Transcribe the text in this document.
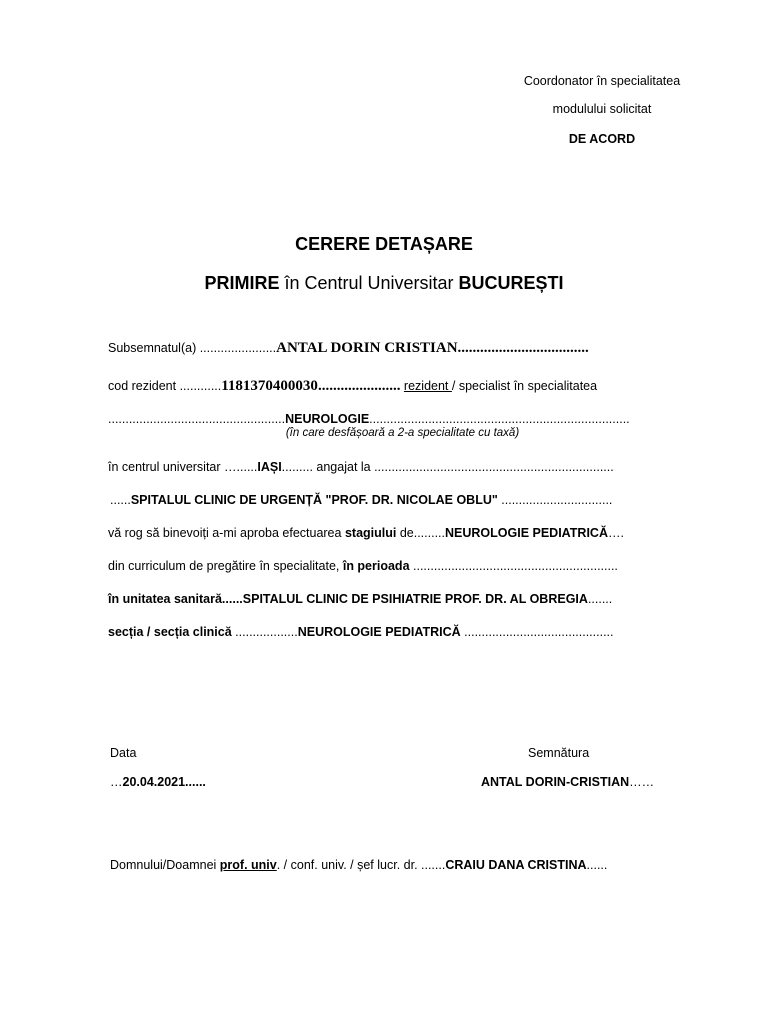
Coordonator în specialitatea
modulului solicitat
DE ACORD
CERERE DETAȘARE
PRIMIRE în Centrul Universitar BUCUREȘTI
Subsemnatul(a) ......................ANTAL DORIN CRISTIAN...................................
cod rezident ............1181370400030...................... rezident / specialist în specialitatea
...................................................NEUROLOGIE...........................................................................
(în care desfășoară a 2-a specialitate cu taxă)
în centrul universitar …......IAȘI......... angajat la .....................................................................
......SPITALUL CLINIC DE URGENȚĂ "PROF. DR. NICOLAE OBLU" ................................
vă rog să binevoiți a-mi aproba efectuarea stagiului de.........NEUROLOGIE PEDIATRICĂ….
din curriculum de pregătire în specialitate, în perioada ...........................................................
în unitatea sanitară......SPITALUL CLINIC DE PSIHIATRIE PROF. DR. AL OBREGIA.......
secția / secția clinică ..................NEUROLOGIE PEDIATRICĂ ...........................................
Data	Semnătura
…20.04.2021......	ANTAL DORIN-CRISTIAN……
Domnului/Doamnei prof. univ. / conf. univ. / șef lucr. dr. .......CRAIU DANA CRISTINA......
